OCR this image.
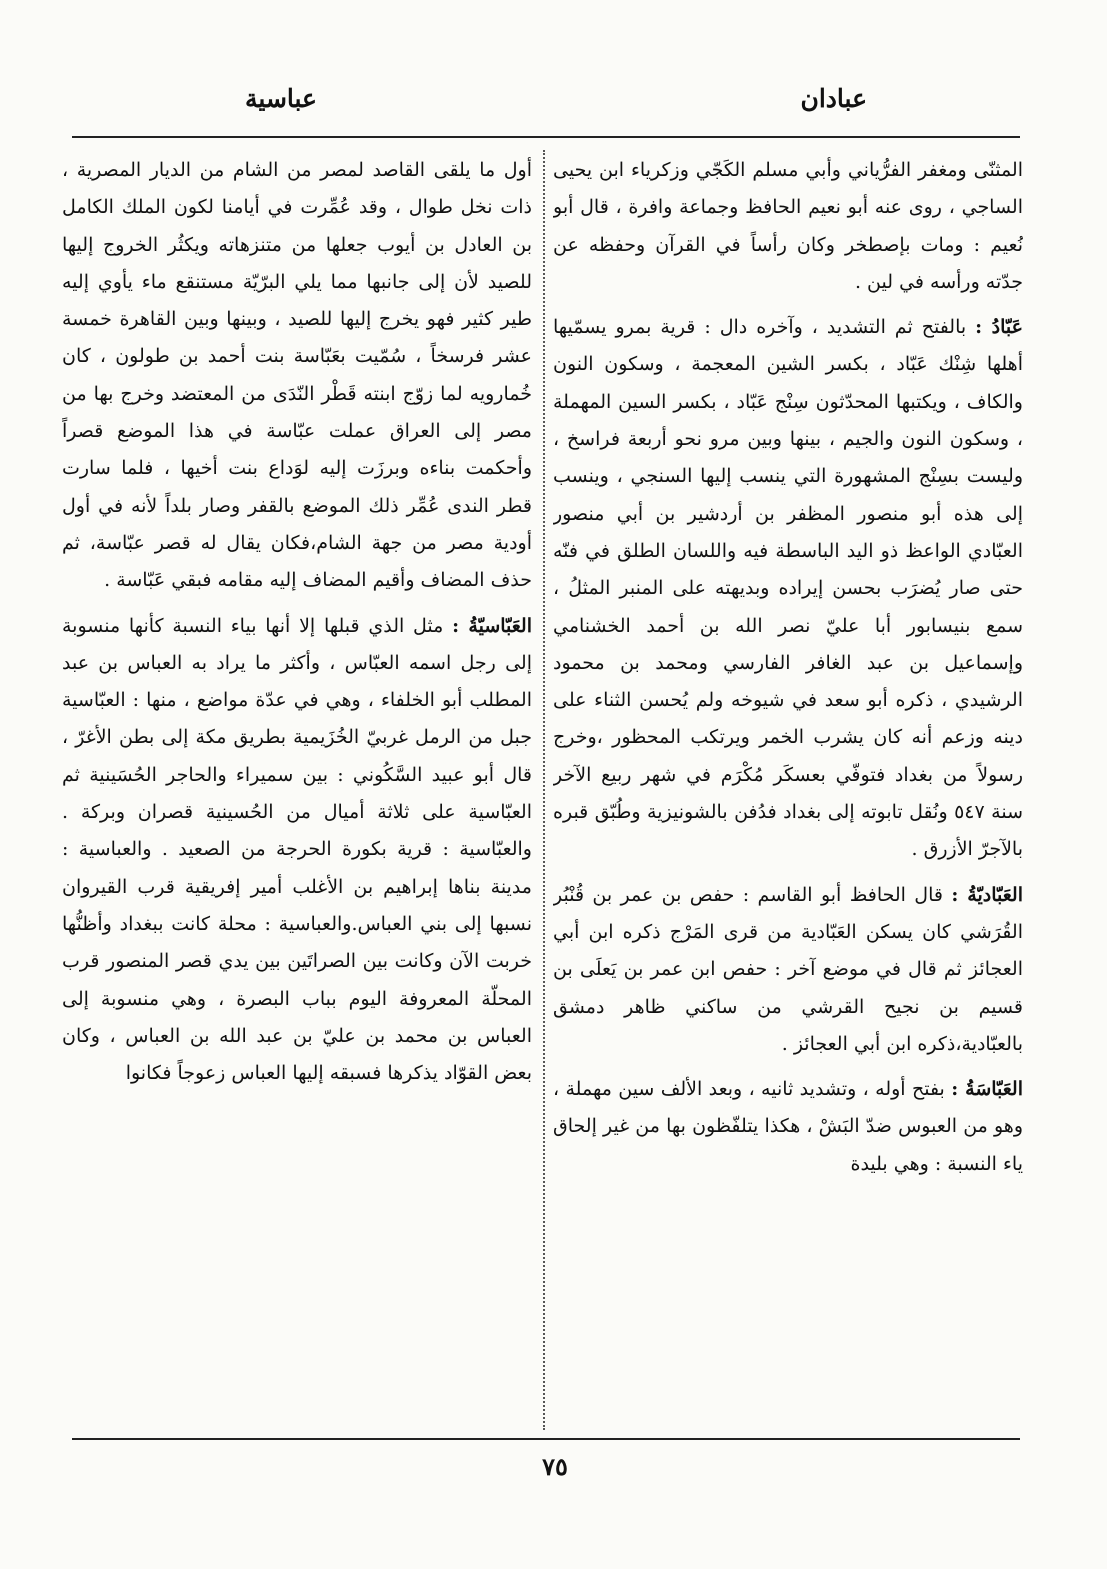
عبادان
عباسية

المثنّى ومغفر الفرُّياني وأبي مسلم الكَجّي وزكرياء ابن يحيى الساجي ، روى عنه أبو نعيم الحافظ وجماعة وافرة ، قال أبو نُعيم : ومات بإصطخر وكان رأساً في القرآن وحفظه عن جدّته ورأسه في لين .

عَبّادُ : بالفتح ثم التشديد ، وآخره دال : قرية بمرو يسمّيها أهلها شِنْك عَبّاد ، بكسر الشين المعجمة ، وسكون النون والكاف ، ويكتبها المحدّثون سِنْج عَبّاد ، بكسر السين المهملة ، وسكون النون والجيم ، بينها وبين مرو نحو أربعة فراسخ ، وليست بسِنْج المشهورة التي ينسب إليها السنجي ، وينسب إلى هذه أبو منصور المظفر بن أردشير بن أبي منصور العبّادي الواعظ ذو اليد الباسطة فيه واللسان الطلق في فنّه حتى صار يُضرَب بحسن إيراده وبديهته على المنبر المثلُ ، سمع بنيسابور أبا عليّ نصر الله بن أحمد الخشنامي وإسماعيل بن عبد الغافر الفارسي ومحمد بن محمود الرشيدي ، ذكره أبو سعد في شيوخه ولم يُحسن الثناء على دينه وزعم أنه كان يشرب الخمر ويرتكب المحظور ،وخرج رسولاً من بغداد فتوفّي بعسكَر مُكْرَم في شهر ربيع الآخر سنة ٥٤٧ ونُقل تابوته إلى بغداد فدُفن بالشونيزية وطُبّق قبره بالآجرّ الأزرق .

العَبّاديّةُ : قال الحافظ أبو القاسم : حفص بن عمر بن قُنْبُر القُرَشي كان يسكن العَبّادية من قرى المَرْج ذكره ابن أبي العجائز ثم قال في موضع آخر : حفص ابن عمر بن يَعلَى بن قسيم بن نجيح القرشي من ساكني ظاهر دمشق بالعبّادية،ذكره ابن أبي العجائز .

العَبّاسَةُ : بفتح أوله ، وتشديد ثانيه ، وبعد الألف سين مهملة ، وهو من العبوس ضدّ البَشْ ، هكذا يتلفّظون بها من غير إلحاق ياء النسبة : وهي بليدة

أول ما يلقى القاصد لمصر من الشام من الديار المصرية ، ذات نخل طوال ، وقد عُمِّرت في أيامنا لكون الملك الكامل بن العادل بن أيوب جعلها من متنزهاته ويكثُر الخروج إليها للصيد لأن إلى جانبها مما يلي البرّيّة مستنقع ماء يأوي إليه طير كثير فهو يخرج إليها للصيد ، وبينها وبين القاهرة خمسة عشر فرسخاً ، سُمّيت بعَبّاسة بنت أحمد بن طولون ، كان خُمارويه لما زوّج ابنته قَطْر النّدَى من المعتضد وخرج بها من مصر إلى العراق عملت عبّاسة في هذا الموضع قصراً وأحكمت بناءه وبرزَت إليه لوَداع بنت أخيها ، فلما سارت قطر الندى عُمِّر ذلك الموضع بالقفر وصار بلداً لأنه في أول أودية مصر من جهة الشام،فكان يقال له قصر عبّاسة، ثم حذف المضاف وأقيم المضاف إليه مقامه فبقي عَبّاسة .

العَبّاسيّةُ : مثل الذي قبلها إلا أنها بياء النسبة كأنها منسوبة إلى رجل اسمه العبّاس ، وأكثر ما يراد به العباس بن عبد المطلب أبو الخلفاء ، وهي في عدّة مواضع ، منها : العبّاسية جبل من الرمل غربيّ الخُزَيمية بطريق مكة إلى بطن الأغرّ ، قال أبو عبيد السَّكُوني : بين سميراء والحاجر الحُسَينية ثم العبّاسية على ثلاثة أميال من الحُسينية قصران وبركة . والعبّاسية : قرية بكورة الحرجة من الصعيد . والعباسية : مدينة بناها إبراهيم بن الأغلب أمير إفريقية قرب القيروان نسبها إلى بني العباس.والعباسية : محلة كانت ببغداد وأظنُّها خربت الآن وكانت بين الصراتَين بين يدي قصر المنصور قرب المحلّة المعروفة اليوم بباب البصرة ، وهي منسوبة إلى العباس بن محمد بن عليّ بن عبد الله بن العباس ، وكان بعض القوّاد يذكرها فسبقه إليها العباس زعوجاً فكانوا

٧٥
